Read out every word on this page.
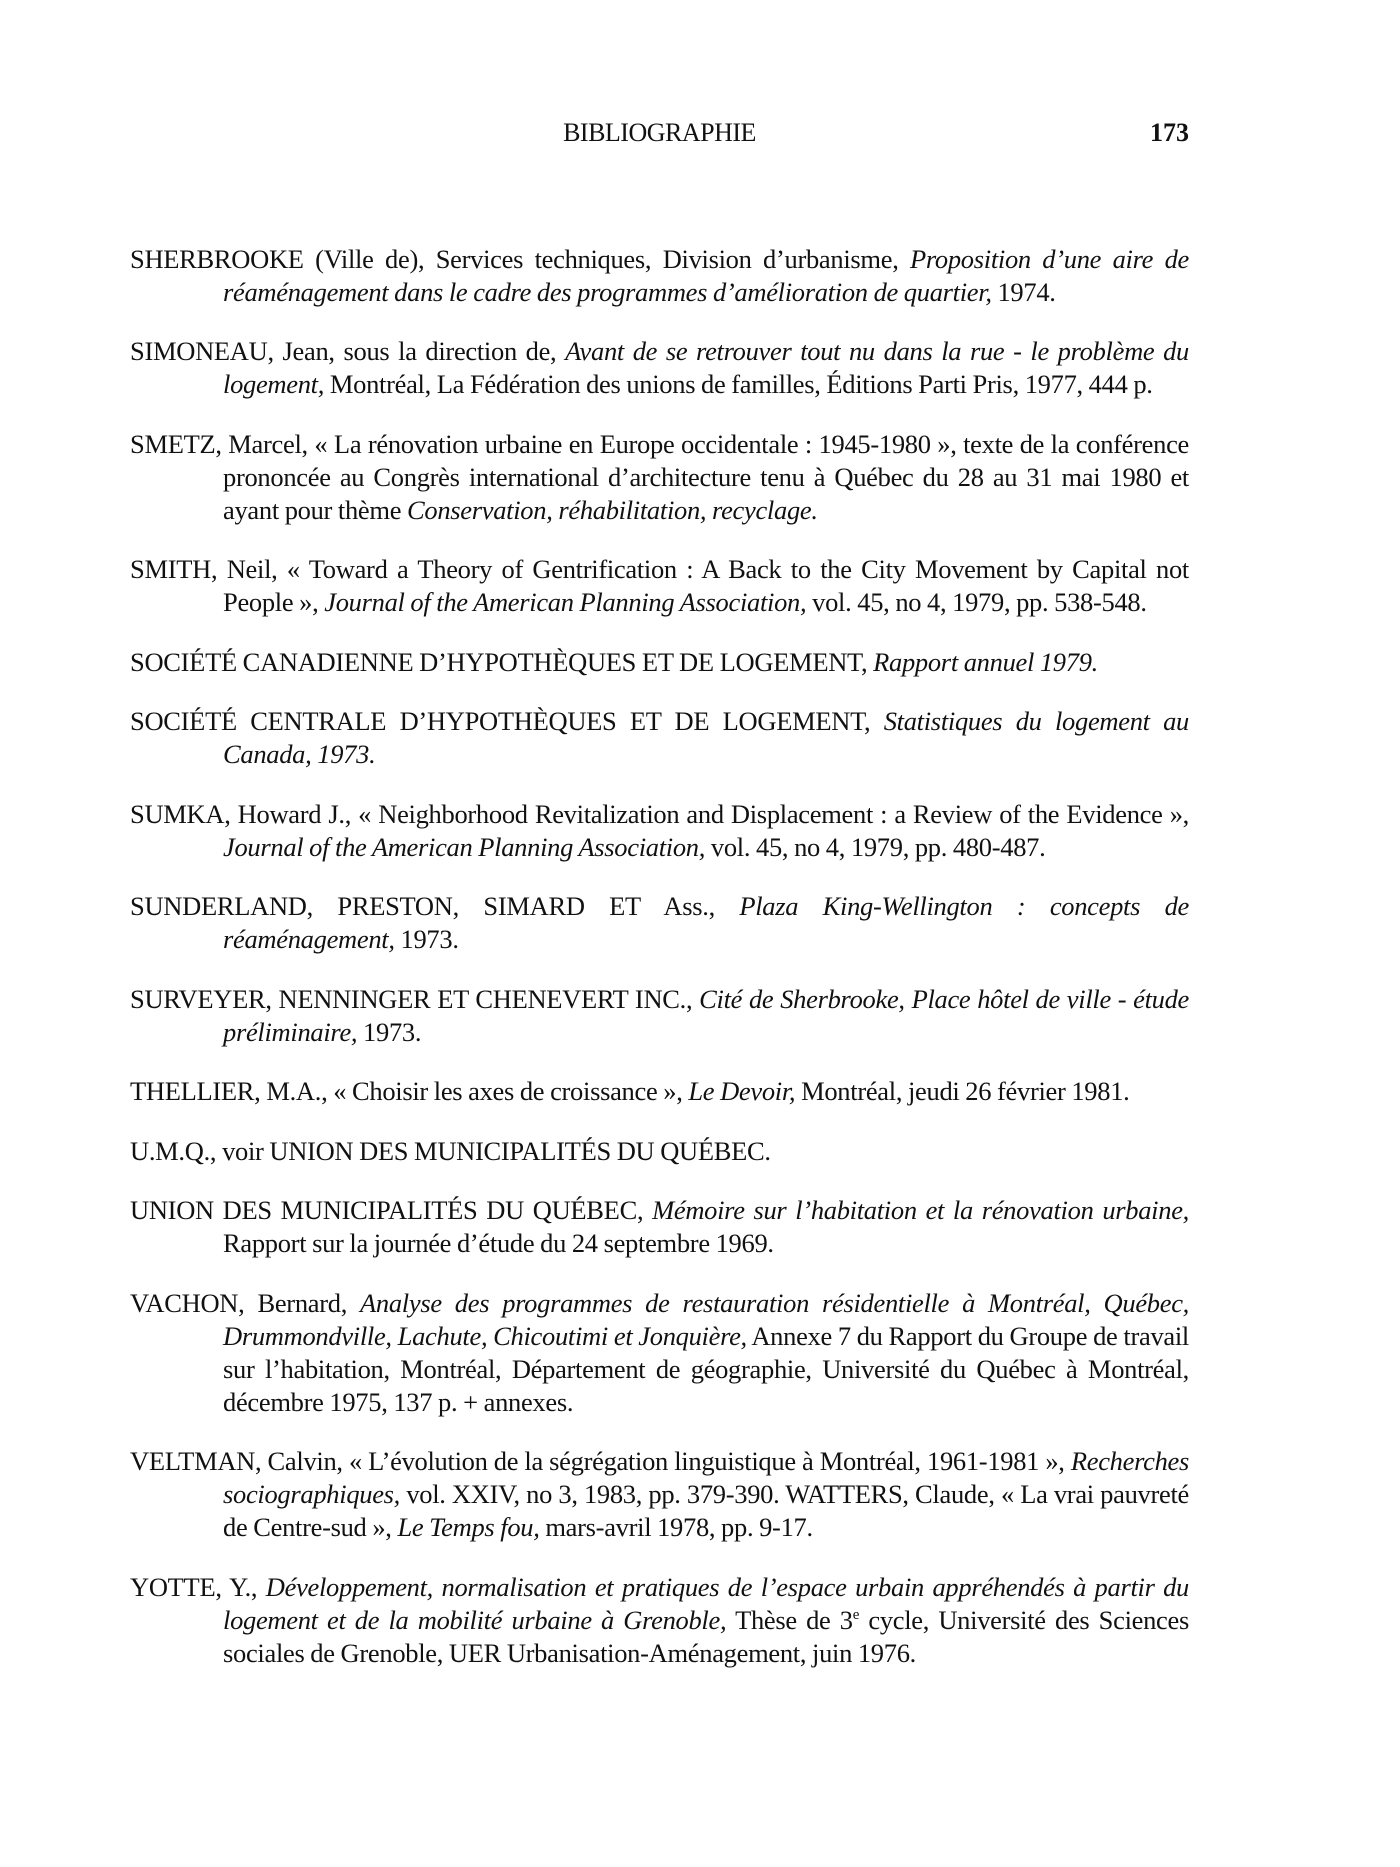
BIBLIOGRAPHIE	173

SHERBROOKE (Ville de), Services techniques, Division d’urbanisme, Proposition d’une aire de réaménagement dans le cadre des programmes d’amélioration de quartier, 1974.

SIMONEAU, Jean, sous la direction de, Avant de se retrouver tout nu dans la rue - le problème du logement, Montréal, La Fédération des unions de familles, Éditions Parti Pris, 1977, 444 p.

SMETZ, Marcel, « La rénovation urbaine en Europe occidentale : 1945-1980 », texte de la conférence prononcée au Congrès international d’architecture tenu à Québec du 28 au 31 mai 1980 et ayant pour thème Conservation, réhabilitation, recyclage.

SMITH, Neil, « Toward a Theory of Gentrification : A Back to the City Movement by Capital not People », Journal of the American Planning Association, vol. 45, no 4, 1979, pp. 538-548.

SOCIÉTÉ CANADIENNE D’HYPOTHÈQUES ET DE LOGEMENT, Rapport annuel 1979.

SOCIÉTÉ CENTRALE D’HYPOTHÈQUES ET DE LOGEMENT, Statistiques du logement au Canada, 1973.

SUMKA, Howard J., « Neighborhood Revitalization and Displacement : a Review of the Evidence », Journal of the American Planning Association, vol. 45, no 4, 1979, pp. 480-487.

SUNDERLAND, PRESTON, SIMARD ET Ass., Plaza King-Wellington : concepts de réaménagement, 1973.

SURVEYER, NENNINGER ET CHENEVERT INC., Cité de Sherbrooke, Place hôtel de ville - étude préliminaire, 1973.

THELLIER, M.A., « Choisir les axes de croissance », Le Devoir, Montréal, jeudi 26 février 1981.

U.M.Q., voir UNION DES MUNICIPALITÉS DU QUÉBEC.

UNION DES MUNICIPALITÉS DU QUÉBEC, Mémoire sur l’habitation et la rénovation urbaine, Rapport sur la journée d’étude du 24 septembre 1969.

VACHON, Bernard, Analyse des programmes de restauration résidentielle à Montréal, Québec, Drummondville, Lachute, Chicoutimi et Jonquière, Annexe 7 du Rapport du Groupe de travail sur l’habitation, Montréal, Département de géographie, Université du Québec à Montréal, décembre 1975, 137 p. + annexes.

VELTMAN, Calvin, « L’évolution de la ségrégation linguistique à Montréal, 1961-1981 », Recherches sociographiques, vol. XXIV, no 3, 1983, pp. 379-390. WATTERS, Claude, « La vrai pauvreté de Centre-sud », Le Temps fou, mars-avril 1978, pp. 9-17.

YOTTE, Y., Développement, normalisation et pratiques de l’espace urbain appréhendés à partir du logement et de la mobilité urbaine à Grenoble, Thèse de 3e cycle, Université des Sciences sociales de Grenoble, UER Urbanisation-Aménagement, juin 1976.
